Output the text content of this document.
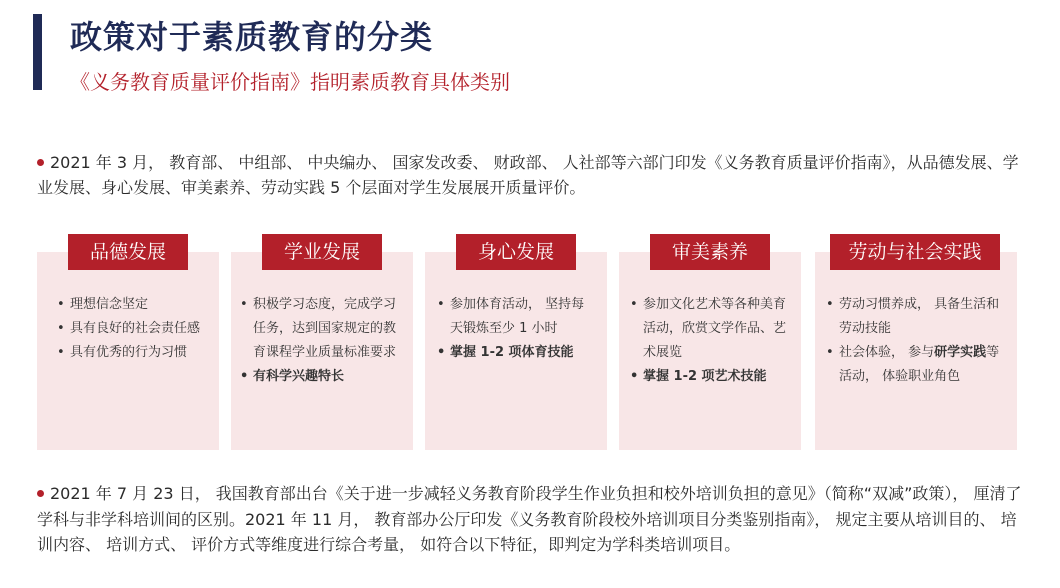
政策对于素质教育的分类
《义务教育质量评价指南》指明素质教育具体类别

2021 年 3 月， 教育部、 中组部、 中央编办、 国家发改委、 财政部、 人社部等六部门印发《义务教育质量评价指南》，从品德发展、学业发展、身心发展、审美素养、劳动实践 5 个层面对学生发展展开质量评价。

品德发展
• 理想信念坚定
• 具有良好的社会责任感
• 具有优秀的行为习惯
学业发展
• 积极学习态度，完成学习任务，达到国家规定的教育课程学业质量标准要求
• 有科学兴趣特长
身心发展
• 参加体育活动， 坚持每天锻炼至少 1 小时
• 掌握 1-2 项体育技能
审美素养
• 参加文化艺术等各种美育活动，欣赏文学作品、艺术展览
• 掌握 1-2 项艺术技能
劳动与社会实践
• 劳动习惯养成， 具备生活和劳动技能
• 社会体验， 参与研学实践等活动， 体验职业角色

2021 年 7 月 23 日， 我国教育部出台《关于进一步减轻义务教育阶段学生作业负担和校外培训负担的意见》（简称“双减”政策）， 厘清了学科与非学科培训间的区别。2021 年 11 月， 教育部办公厅印发《义务教育阶段校外培训项目分类鉴别指南》， 规定主要从培训目的、 培训内容、 培训方式、 评价方式等维度进行综合考量， 如符合以下特征，即判定为学科类培训项目。
